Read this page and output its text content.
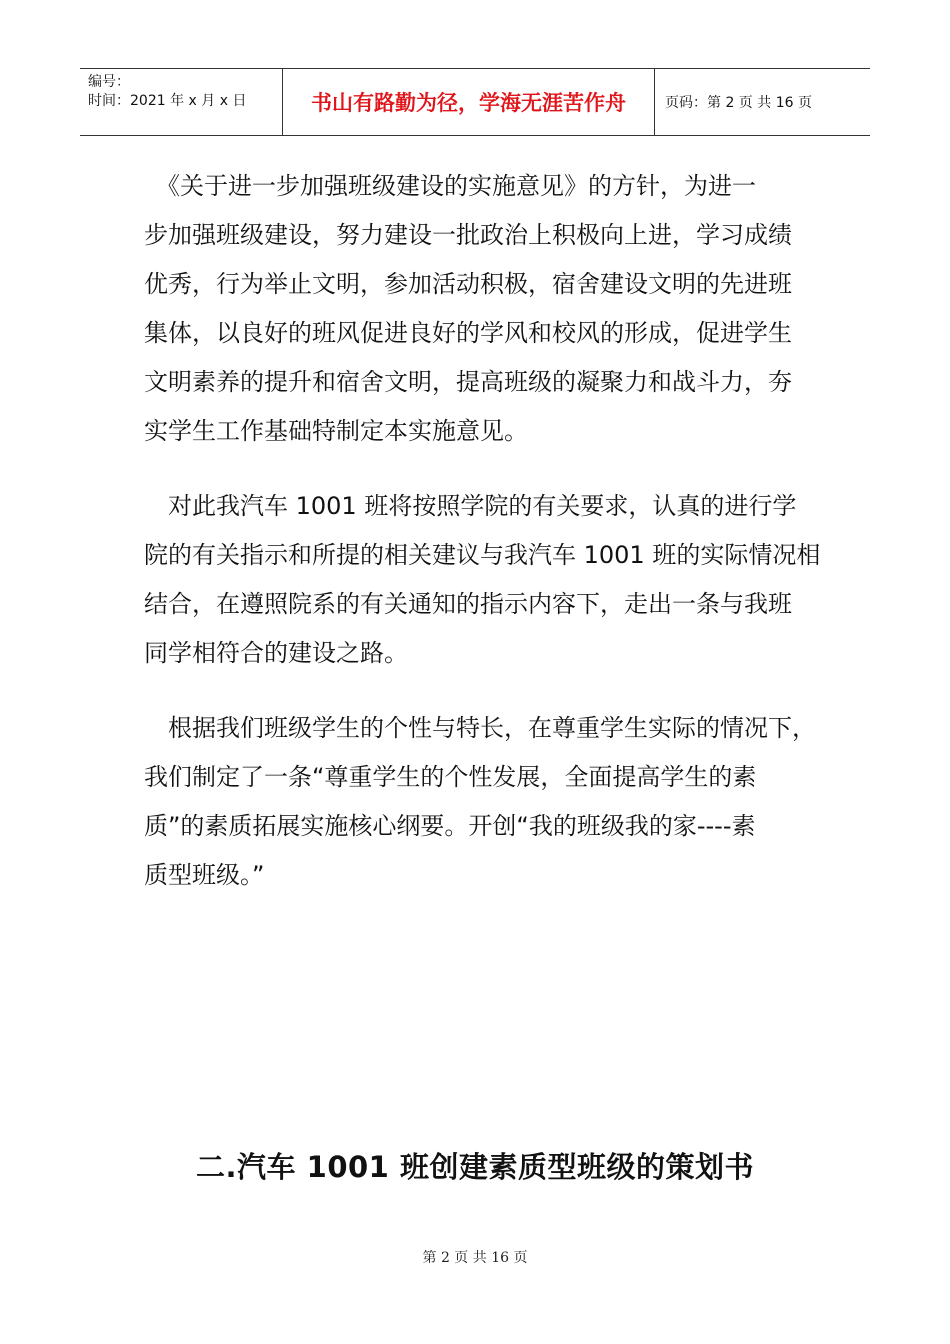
编号：
时间：2021 年 x 月 x 日	书山有路勤为径，学海无涯苦作舟	页码：第 2 页 共 16 页

　《关于进一步加强班级建设的实施意见》的方针，为进一
步加强班级建设，努力建设一批政治上积极向上进，学习成绩
优秀，行为举止文明，参加活动积极，宿舍建设文明的先进班
集体，以良好的班风促进良好的学风和校风的形成，促进学生
文明素养的提升和宿舍文明，提高班级的凝聚力和战斗力，夯
实学生工作基础特制定本实施意见。

　对此我汽车 1001 班将按照学院的有关要求，认真的进行学
院的有关指示和所提的相关建议与我汽车 1001 班的实际情况相
结合，在遵照院系的有关通知的指示内容下，走出一条与我班
同学相符合的建设之路。

　根据我们班级学生的个性与特长，在尊重学生实际的情况下，
我们制定了一条“尊重学生的个性发展，全面提高学生的素
质”的素质拓展实施核心纲要。开创“我的班级我的家----素
质型班级。”

二.汽车 1001 班创建素质型班级的策划书
第 2 页 共 16 页
